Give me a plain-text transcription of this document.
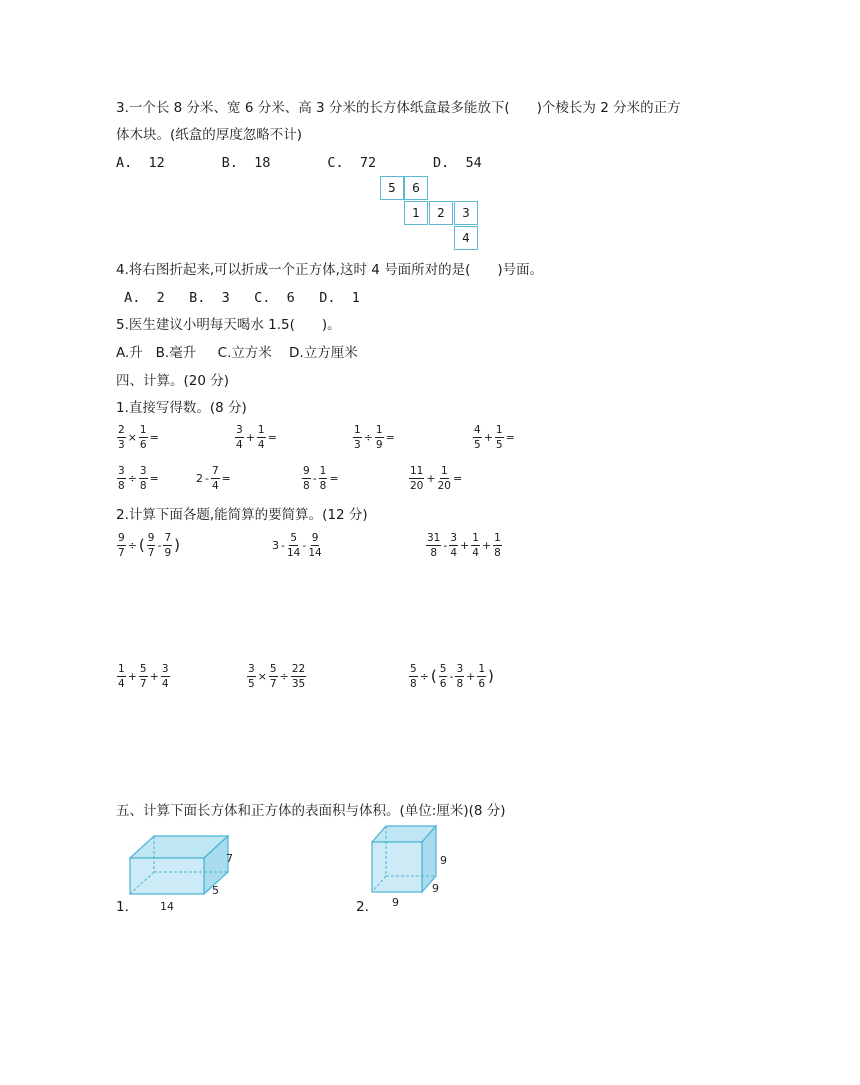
3.一个长 8 分米、宽 6 分米、高 3 分米的长方体纸盒最多能放下(　　)个棱长为 2 分米的正方
体木块。(纸盒的厚度忽略不计)
A.  12       B.  18       C.  72       D.  54
5	6
1	2	3
4
4.将右图折起来,可以折成一个正方体,这时 4 号面所对的是(　　)号面。
A.  2   B.  3   C.  6   D.  1
5.医生建议小明每天喝水 1.5(　　)。
A.升   B.毫升     C.立方米    D.立方厘米
四、计算。(20 分)
1.直接写得数。(8 分)
$\frac{2}{3} \times \frac{1}{6}$ =	$\frac{3}{4} + \frac{1}{4}$ =	$\frac{1}{3} \div \frac{1}{9}$ =	$\frac{4}{5} + \frac{1}{5}$ =
$\frac{3}{8} \div \frac{3}{8}$ =	$2 - \frac{7}{4}$ =	$\frac{9}{8} - \frac{1}{8}$ =	$\frac{11}{20} + \frac{1}{20}$ =
2.计算下面各题,能简算的要简算。(12 分)
$\frac{9}{7}$ ÷ ( $\frac{9}{7} - \frac{7}{9}$ )	$3 - \frac{5}{14} - \frac{9}{14}$	$\frac{31}{8} - \frac{3}{4} + \frac{1}{4} + \frac{1}{8}$
$\frac{1}{4} + \frac{5}{7} + \frac{3}{4}$	$\frac{3}{5} \times \frac{5}{7} \div \frac{22}{35}$	$\frac{5}{8}$ ÷ ( $\frac{5}{6} - \frac{3}{8} + \frac{1}{6}$ )
五、计算下面长方体和正方体的表面积与体积。(单位:厘米)(8 分)
1.
7
5
14	2.
9
9
9
